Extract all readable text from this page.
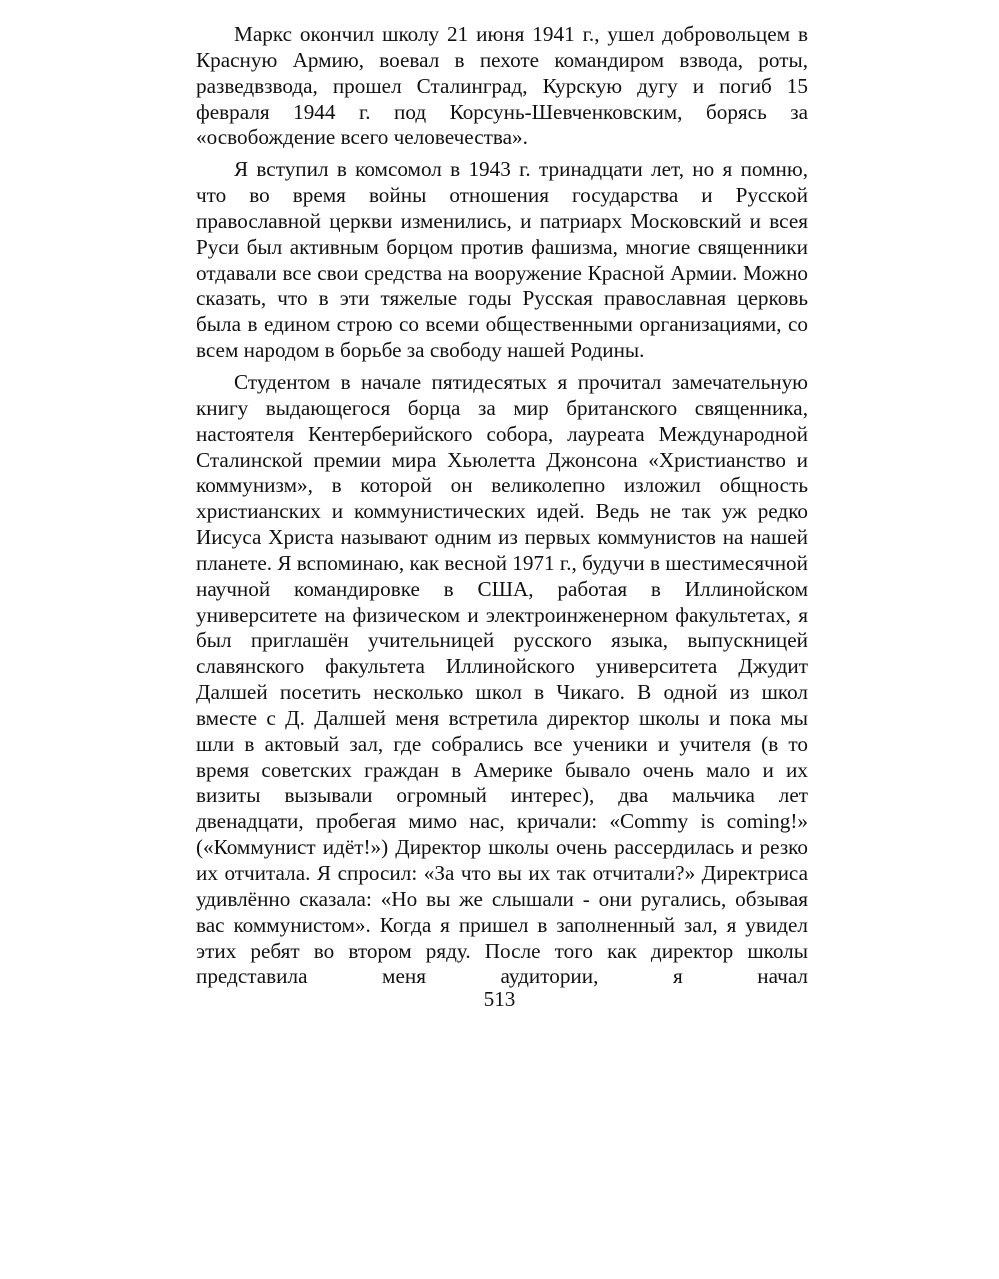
Маркс окончил школу 21 июня 1941 г., ушел добровольцем в Красную Армию, воевал в пехоте командиром взвода, роты, разведвзвода, прошел Сталинград, Курскую дугу и погиб 15 февраля 1944 г. под Корсунь-Шевченковским, борясь за «освобождение всего человечества».

Я вступил в комсомол в 1943 г. тринадцати лет, но я помню, что во время войны отношения государства и Русской православной церкви изменились, и патриарх Московский и всея Руси был активным борцом против фашизма, многие священники отдавали все свои средства на вооружение Красной Армии. Можно сказать, что в эти тяжелые годы Русская православная церковь была в едином строю со всеми общественными организациями, со всем народом в борьбе за свободу нашей Родины.

Студентом в начале пятидесятых я прочитал замечательную книгу выдающегося борца за мир британского священника, настоятеля Кентерберийского собора, лауреата Международной Сталинской премии мира Хьюлетта Джонсона «Христианство и коммунизм», в которой он великолепно изложил общность христианских и коммунистических идей. Ведь не так уж редко Иисуса Христа называют одним из первых коммунистов на нашей планете. Я вспоминаю, как весной 1971 г., будучи в шестимесячной научной командировке в США, работая в Иллинойском университете на физическом и электроинженерном факультетах, я был приглашён учительницей русского языка, выпускницей славянского факультета Иллинойского университета Джудит Далшей посетить несколько школ в Чикаго. В одной из школ вместе с Д. Далшей меня встретила директор школы и пока мы шли в актовый зал, где собрались все ученики и учителя (в то время советских граждан в Америке бывало очень мало и их визиты вызывали огромный интерес), два мальчика лет двенадцати, пробегая мимо нас, кричали: «Commy is coming!» («Коммунист идёт!») Директор школы очень рассердилась и резко их отчитала. Я спросил: «За что вы их так отчитали?» Директриса удивлённо сказала: «Но вы же слышали - они ругались, обзывая вас коммунистом». Когда я пришел в заполненный зал, я увидел этих ребят во втором ряду. После того как директор школы представила меня аудитории, я начал

513
